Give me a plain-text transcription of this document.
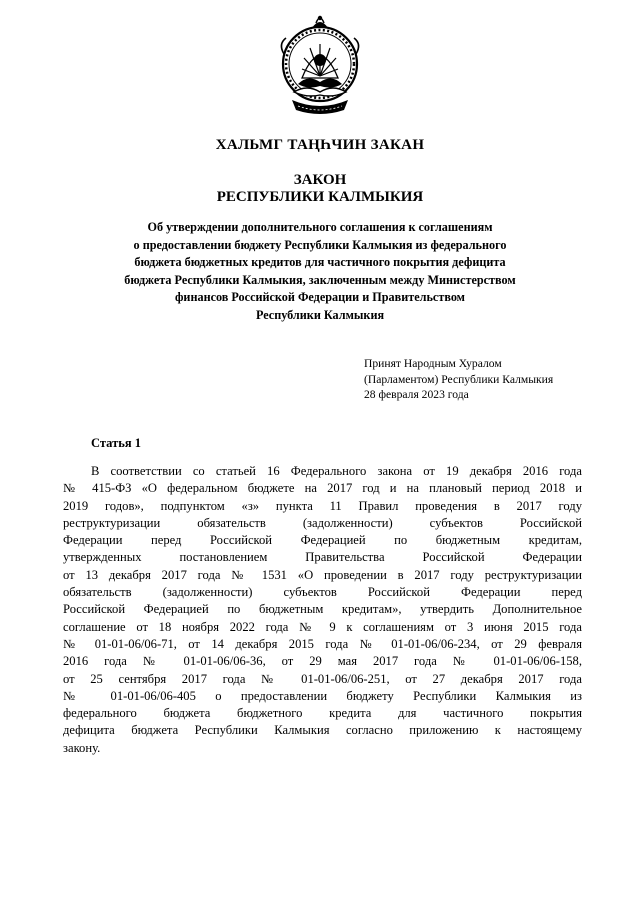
ХАЛЬМГ ТАҢҺЧИН ЗАКАН
ЗАКОН
РЕСПУБЛИКИ КАЛМЫКИЯ
Об утверждении дополнительного соглашения к соглашениям
о предоставлении бюджету Республики Калмыкия из федерального
бюджета бюджетных кредитов для частичного покрытия дефицита
бюджета Республики Калмыкия, заключенным между Министерством
финансов Российской Федерации и Правительством
Республики Калмыкия
Принят Народным Хуралом
(Парламентом) Республики Калмыкия
28 февраля 2023 года
Статья 1
В соответствии со статьей 16 Федерального закона от 19 декабря 2016 года
№ 415-ФЗ «О федеральном бюджете на 2017 год и на плановый период 2018 и
2019 годов», подпунктом «з» пункта 11 Правил проведения в 2017 году
реструктуризации обязательств (задолженности) субъектов Российской
Федерации перед Российской Федерацией по бюджетным кредитам,
утвержденных постановлением Правительства Российской Федерации
от 13 декабря 2017 года № 1531 «О проведении в 2017 году реструктуризации
обязательств (задолженности) субъектов Российской Федерации перед
Российской Федерацией по бюджетным кредитам», утвердить Дополнительное
соглашение от 18 ноября 2022 года № 9 к соглашениям от 3 июня 2015 года
№ 01-01-06/06-71, от 14 декабря 2015 года № 01-01-06/06-234, от 29 февраля
2016 года № 01-01-06/06-36, от 29 мая 2017 года № 01-01-06/06-158,
от 25 сентября 2017 года № 01-01-06/06-251, от 27 декабря 2017 года
№ 01-01-06/06-405 о предоставлении бюджету Республики Калмыкия из
федерального бюджета бюджетного кредита для частичного покрытия
дефицита бюджета Республики Калмыкия согласно приложению к настоящему
закону.
